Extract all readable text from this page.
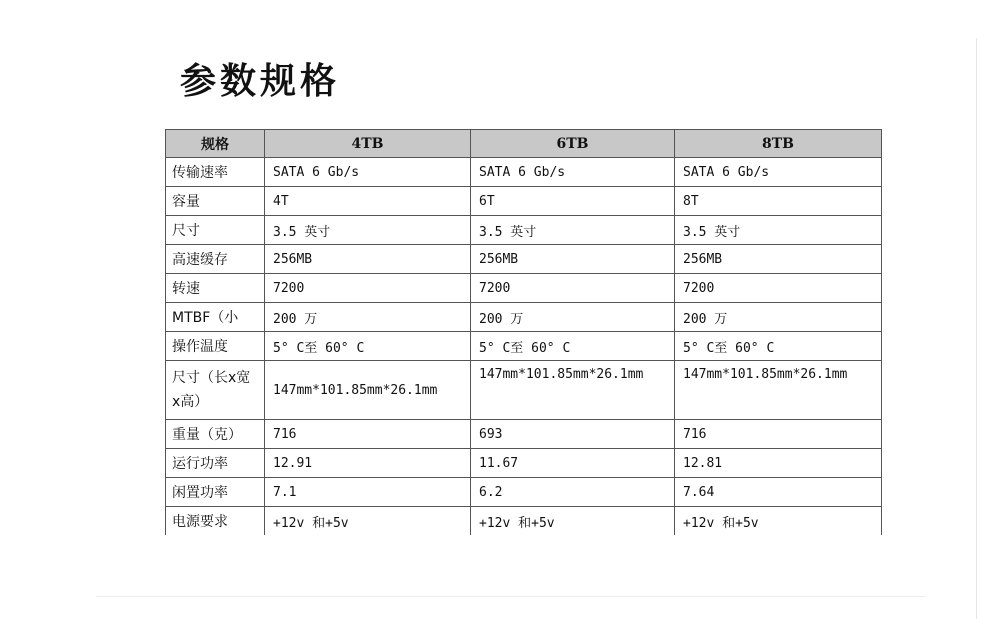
参数规格
规格	4TB	6TB	8TB
传输速率	SATA 6 Gb/s	SATA 6 Gb/s	SATA 6 Gb/s
容量	4T	6T	8T
尺寸	3.5 英寸	3.5 英寸	3.5 英寸
高速缓存	256MB	256MB	256MB
转速	7200	7200	7200
MTBF（小	200 万	200 万	200 万
操作温度	5° C至 60° C	5° C至 60° C	5° C至 60° C
尺寸（长x宽x高）	147mm*101.85mm*26.1mm	147mm*101.85mm*26.1mm	147mm*101.85mm*26.1mm
重量（克）	716	693	716
运行功率	12.91	11.67	12.81
闲置功率	7.1	6.2	7.64
电源要求	+12v 和+5v	+12v 和+5v	+12v 和+5v
